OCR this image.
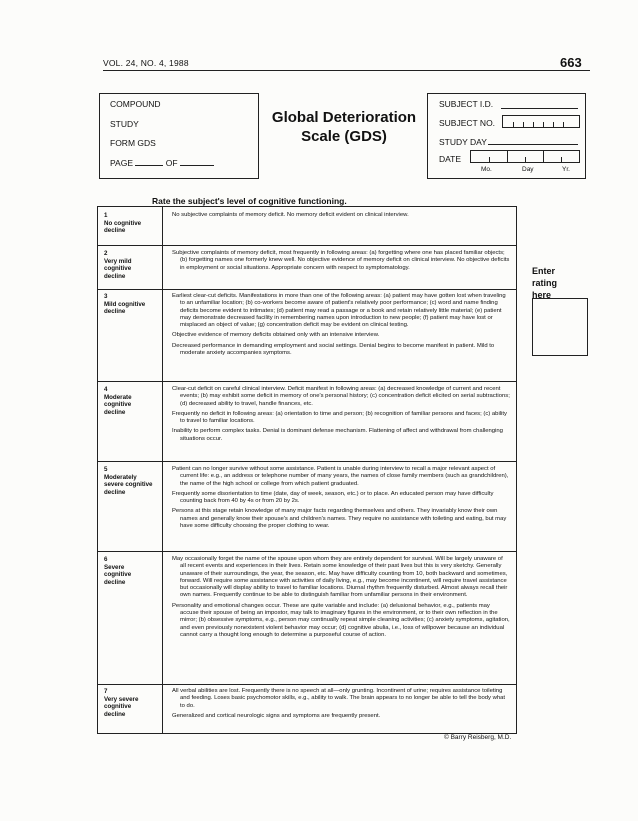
VOL. 24, NO. 4, 1988	663
COMPOUND
STUDY
FORM GDS
PAGE	OF
Global Deterioration
Scale (GDS)
SUBJECT I.D.
SUBJECT NO.
STUDY DAY
DATE
Mo.	Day	Yr.
Rate the subject's level of cognitive functioning.
1
No cognitive decline

No subjective complaints of memory deficit. No memory deficit evident on clinical interview.

2
Very mild cognitive decline

Subjective complaints of memory deficit, most frequently in following areas: (a) forgetting where one has placed familiar objects; (b) forgetting names one formerly knew well. No objective evidence of memory deficit on clinical interview. No objective deficits in employment or social situations. Appropriate concern with respect to symptomatology.

3
Mild cognitive decline

Earliest clear-cut deficits. Manifestations in more than one of the following areas: (a) patient may have gotten lost when traveling to an unfamiliar location; (b) co-workers become aware of patient's relatively poor performance; (c) word and name finding deficits become evident to intimates; (d) patient may read a passage or a book and retain relatively little material; (e) patient may demonstrate decreased facility in remembering names upon introduction to new people; (f) patient may have lost or misplaced an object of value; (g) concentration deficit may be evident on clinical testing.

Objective evidence of memory deficits obtained only with an intensive interview.

Decreased performance in demanding employment and social settings. Denial begins to become manifest in patient. Mild to moderate anxiety accompanies symptoms.

4
Moderate cognitive decline

Clear-cut deficit on careful clinical interview. Deficit manifest in following areas: (a) decreased knowledge of current and recent events; (b) may exhibit some deficit in memory of one's personal history; (c) concentration deficit elicited on serial subtractions; (d) decreased ability to travel, handle finances, etc.

Frequently no deficit in following areas: (a) orientation to time and person; (b) recognition of familiar persons and faces; (c) ability to travel to familiar locations.

Inability to perform complex tasks. Denial is dominant defense mechanism. Flattening of affect and withdrawal from challenging situations occur.

5
Moderately severe cognitive decline

Patient can no longer survive without some assistance. Patient is unable during interview to recall a major relevant aspect of current life: e.g., an address or telephone number of many years, the names of close family members (such as grandchildren), the name of the high school or college from which patient graduated.

Frequently some disorientation to time (date, day of week, season, etc.) or to place. An educated person may have difficulty counting back from 40 by 4s or from 20 by 2s.

Persons at this stage retain knowledge of many major facts regarding themselves and others. They invariably know their own names and generally know their spouse's and children's names. They require no assistance with toileting and eating, but may have some difficulty choosing the proper clothing to wear.

6
Severe cognitive decline

May occasionally forget the name of the spouse upon whom they are entirely dependent for survival. Will be largely unaware of all recent events and experiences in their lives. Retain some knowledge of their past lives but this is very sketchy. Generally unaware of their surroundings, the year, the season, etc. May have difficulty counting from 10, both backward and sometimes, forward. Will require some assistance with activities of daily living, e.g., may become incontinent, will require travel assistance but occasionally will display ability to travel to familiar locations. Diurnal rhythm frequently disturbed. Almost always recall their own names. Frequently continue to be able to distinguish familiar from unfamiliar persons in their environment.

Personality and emotional changes occur. These are quite variable and include: (a) delusional behavior, e.g., patients may accuse their spouse of being an impostor, may talk to imaginary figures in the environment, or to their own reflection in the mirror; (b) obsessive symptoms, e.g., person may continually repeat simple cleaning activities; (c) anxiety symptoms, agitation, and even previously nonexistent violent behavior may occur; (d) cognitive abulia, i.e., loss of willpower because an individual cannot carry a thought long enough to determine a purposeful course of action.

7
Very severe cognitive decline

All verbal abilities are lost. Frequently there is no speech at all—only grunting. Incontinent of urine; requires assistance toileting and feeding. Loses basic psychomotor skills, e.g., ability to walk. The brain appears to no longer be able to tell the body what to do.

Generalized and cortical neurologic signs and symptoms are frequently present.

Enter
rating
here
© Barry Reisberg, M.D.
